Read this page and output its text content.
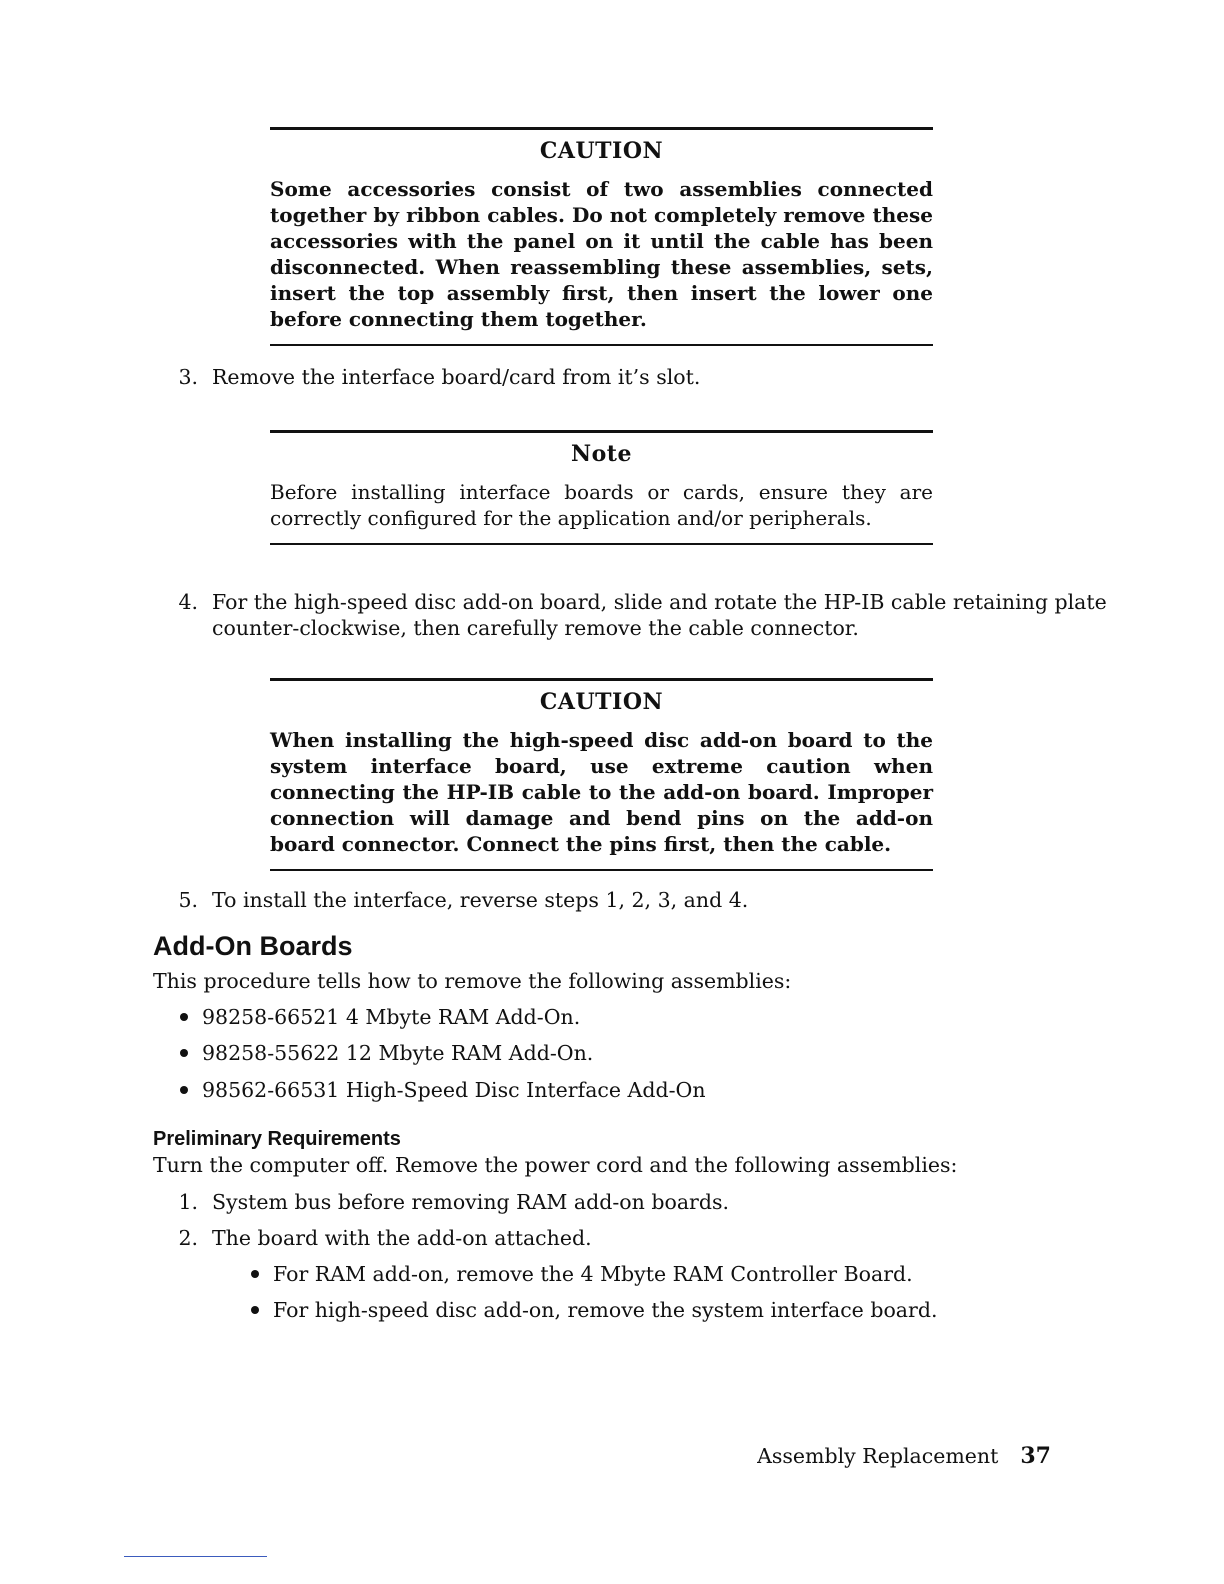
CAUTION
Some accessories consist of two assemblies connected together by ribbon cables. Do not completely remove these accessories with the panel on it until the cable has been disconnected. When reassembling these assemblies, sets, insert the top assembly first, then insert the lower one before connecting them together.
3. Remove the interface board/card from it’s slot.
Note
Before installing interface boards or cards, ensure they are correctly configured for the application and/or peripherals.
4. For the high-speed disc add-on board, slide and rotate the HP-IB cable retaining plate
counter-clockwise, then carefully remove the cable connector.
CAUTION
When installing the high-speed disc add-on board to the system interface board, use extreme caution when connecting the HP-IB cable to the add-on board. Improper connection will damage and bend pins on the add-on board connector. Connect the pins first, then the cable.
5. To install the interface, reverse steps 1, 2, 3, and 4.
Add-On Boards
This procedure tells how to remove the following assemblies:
98258-66521 4 Mbyte RAM Add-On.
98258-55622 12 Mbyte RAM Add-On.
98562-66531 High-Speed Disc Interface Add-On
Preliminary Requirements
Turn the computer off. Remove the power cord and the following assemblies:
1. System bus before removing RAM add-on boards.
2. The board with the add-on attached.
For RAM add-on, remove the 4 Mbyte RAM Controller Board.
For high-speed disc add-on, remove the system interface board.
Assembly Replacement 37
